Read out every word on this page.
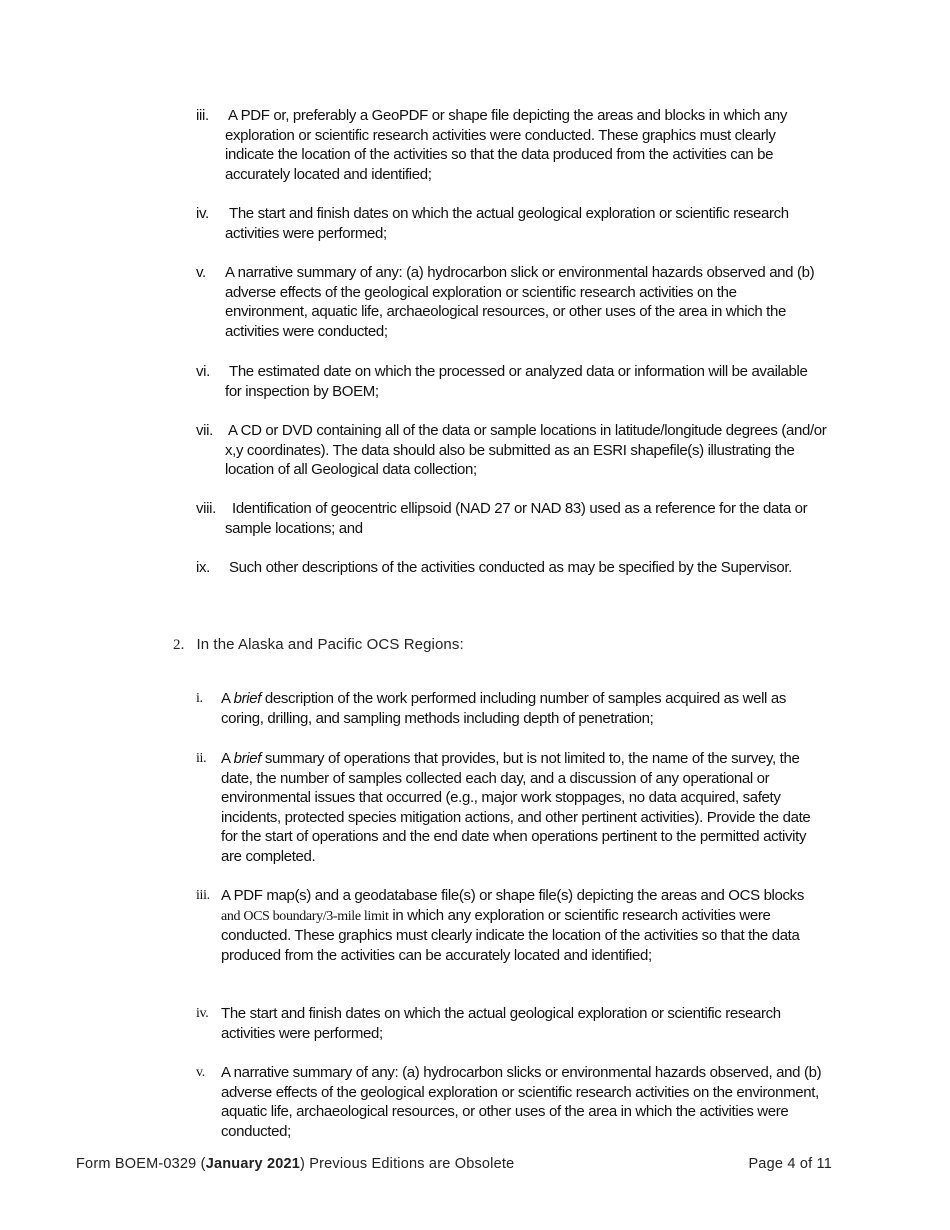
iii.	A PDF or, preferably a GeoPDF or shape file depicting the areas and blocks in which any exploration or scientific research activities were conducted. These graphics must clearly indicate the location of the activities so that the data produced from the activities can be accurately located and identified;
iv.	The start and finish dates on which the actual geological exploration or scientific research activities were performed;
v.	A narrative summary of any: (a) hydrocarbon slick or environmental hazards observed and (b) adverse effects of the geological exploration or scientific research activities on the environment, aquatic life, archaeological resources, or other uses of the area in which the activities were conducted;
vi.	The estimated date on which the processed or analyzed data or information will be available for inspection by BOEM;
vii.	A CD or DVD containing all of the data or sample locations in latitude/longitude degrees (and/or x,y coordinates). The data should also be submitted as an ESRI shapefile(s) illustrating the location of all Geological data collection;
viii.	Identification of geocentric ellipsoid (NAD 27 or NAD 83) used as a reference for the data or sample locations; and
ix.	Such other descriptions of the activities conducted as may be specified by the Supervisor.
2. In the Alaska and Pacific OCS Regions:
i.	A brief description of the work performed including number of samples acquired as well as coring, drilling, and sampling methods including depth of penetration;
ii. A brief summary of operations that provides, but is not limited to, the name of the survey, the date, the number of samples collected each day, and a discussion of any operational or environmental issues that occurred (e.g., major work stoppages, no data acquired, safety incidents, protected species mitigation actions, and other pertinent activities). Provide the date for the start of operations and the end date when operations pertinent to the permitted activity are completed.
iii. A PDF map(s) and a geodatabase file(s) or shape file(s) depicting the areas and OCS blocks and OCS boundary/3-mile limit in which any exploration or scientific research activities were conducted. These graphics must clearly indicate the location of the activities so that the data produced from the activities can be accurately located and identified;
iv. The start and finish dates on which the actual geological exploration or scientific research activities were performed;
v.	A narrative summary of any: (a) hydrocarbon slicks or environmental hazards observed, and (b) adverse effects of the geological exploration or scientific research activities on the environment, aquatic life, archaeological resources, or other uses of the area in which the activities were conducted;
Form BOEM-0329 (January 2021) Previous Editions are Obsolete	Page 4 of 11
